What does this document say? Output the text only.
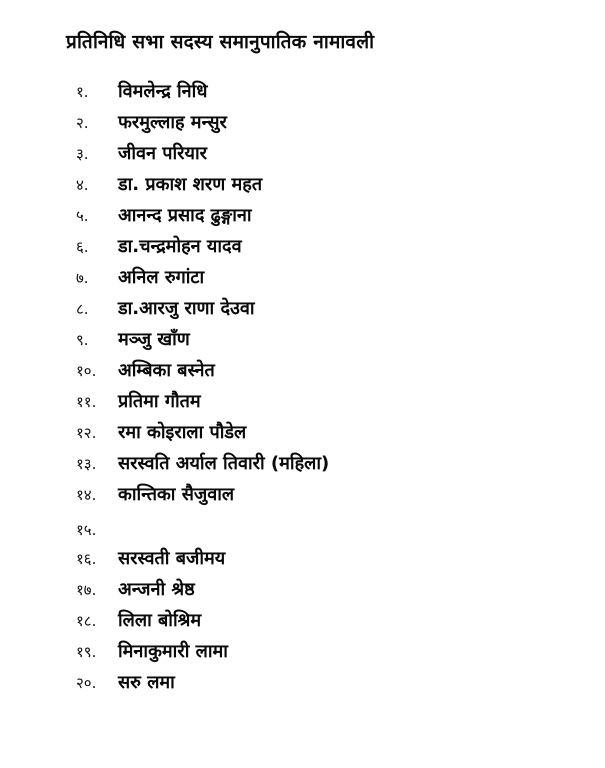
प्रतिनिधि सभा सदस्य समानुपातिक नामावली
१.	विमलेन्द्र निधि
२.	फरमुल्लाह मन्सुर
३.	जीवन परियार
४.	डा. प्रकाश शरण महत
५.	आनन्द प्रसाद ढुङ्गाना
६.	डा.चन्द्रमोहन यादव
७.	अनिल रुगांटा
८.	डा.आरजु राणा देउवा
९.	मञ्जु खाँण
१०.	अम्बिका बस्नेत
११.	प्रतिमा गौतम
१२.	रमा कोइराला पौडेल
१३.	सरस्वति अर्याल तिवारी (महिला)
१४.	कान्तिका सैजुवाल
१५.
१६.	सरस्वती बजीमय
१७.	अन्जनी श्रेष्ठ
१८.	लिला बोश्रिम
१९.	मिनाकुमारी लामा
२०.	सरु लमा
